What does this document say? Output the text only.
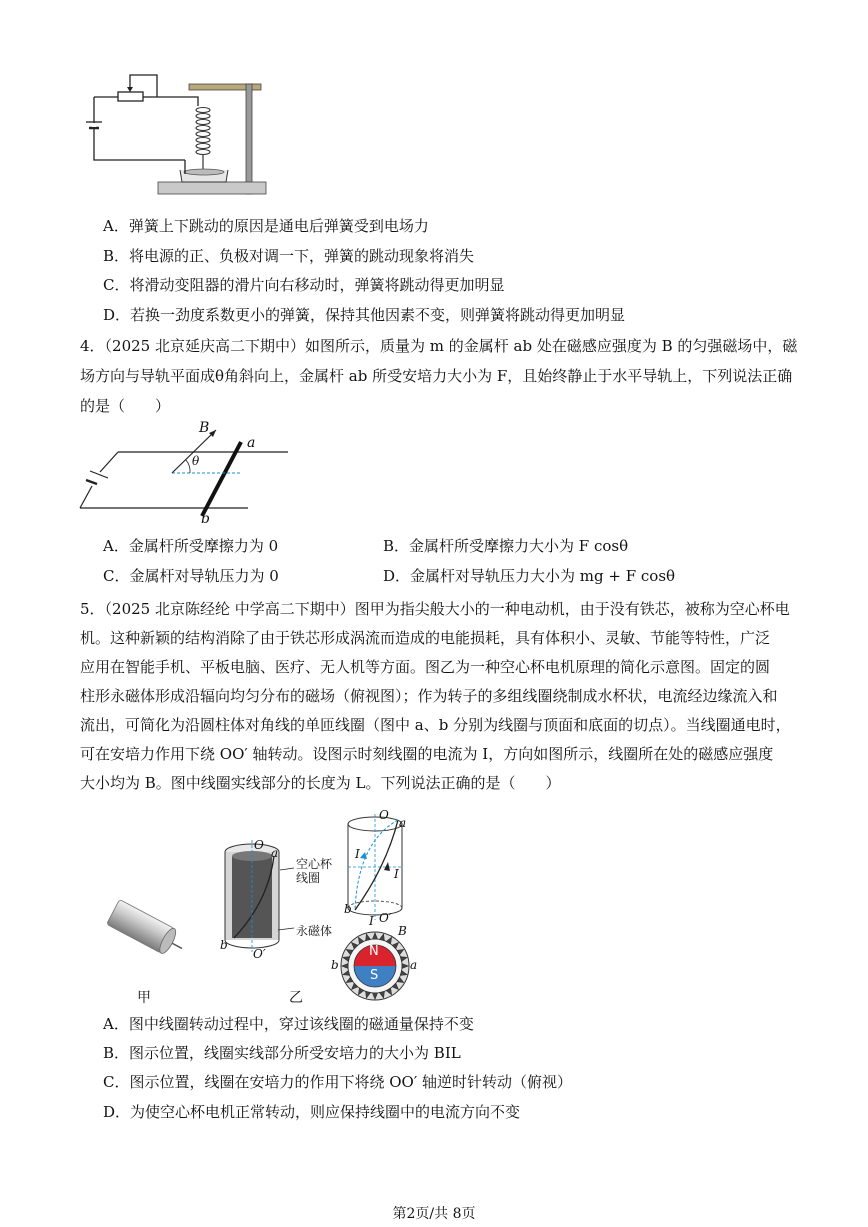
A．弹簧上下跳动的原因是通电后弹簧受到电场力
B．将电源的正、负极对调一下，弹簧的跳动现象将消失
C．将滑动变阻器的滑片向右移动时，弹簧将跳动得更加明显
D．若换一劲度系数更小的弹簧，保持其他因素不变，则弹簧将跳动得更加明显
4．（2025 北京延庆高二下期中）如图所示，质量为 m 的金属杆 ab 处在磁感应强度为 B 的匀强磁场中，磁
场方向与导轨平面成θ角斜向上，金属杆 ab 所受安培力大小为 F，且始终静止于水平导轨上，下列说法正确
的是（　　）
B
a
θ
b
A．金属杆所受摩擦力为 0	B．金属杆所受摩擦力大小为 F cosθ
C．金属杆对导轨压力为 0	D．金属杆对导轨压力大小为 mg + F cosθ
5．（2025 北京陈经纶 中学高二下期中）图甲为指尖般大小的一种电动机，由于没有铁芯，被称为空心杯电
机。这种新颖的结构消除了由于铁芯形成涡流而造成的电能损耗，具有体积小、灵敏、节能等特性，广泛
应用在智能手机、平板电脑、医疗、无人机等方面。图乙为一种空心杯电机原理的简化示意图。固定的圆
柱形永磁体形成沿辐向均匀分布的磁场（俯视图）；作为转子的多组线圈绕制成水杯状，电流经边缘流入和
流出，可简化为沿圆柱体对角线的单匝线圈（图中 a、b 分别为线圈与顶面和底面的切点）。当线圈通电时，
可在安培力作用下绕 OO′ 轴转动。设图示时刻线圈的电流为 I，方向如图所示，线圈所在处的磁感应强度
大小均为 B。图中线圈实线部分的长度为 L。下列说法正确的是（　　）
甲
O
a
b
O′
空心杯
线圈
永磁体
O
a
I
I
b
O′
I
B
b	a
N
S
乙
A．图中线圈转动过程中，穿过该线圈的磁通量保持不变
B．图示位置，线圈实线部分所受安培力的大小为 BIL
C．图示位置，线圈在安培力的作用下将绕 OO′ 轴逆时针转动（俯视）
D．为使空心杯电机正常转动，则应保持线圈中的电流方向不变
第2页/共 8页
